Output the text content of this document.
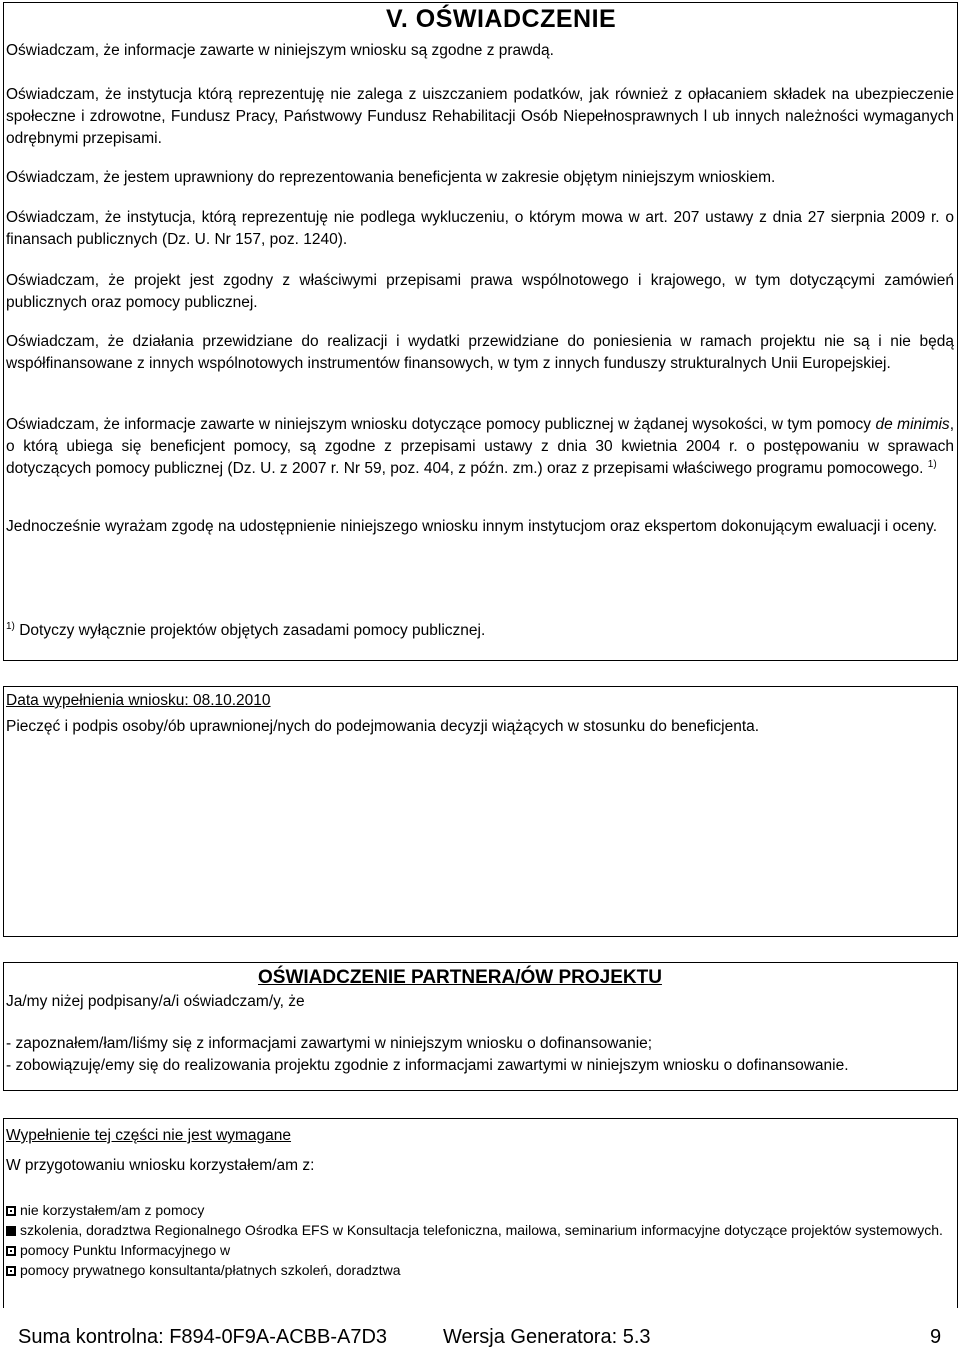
V. OŚWIADCZENIE

Oświadczam, że informacje zawarte w niniejszym wniosku są zgodne z prawdą.

Oświadczam, że instytucja którą reprezentuję nie zalega z uiszczaniem podatków, jak również z opłacaniem składek na ubezpieczenie społeczne i zdrowotne, Fundusz Pracy, Państwowy Fundusz Rehabilitacji Osób Niepełnosprawnych l ub innych należności wymaganych odrębnymi przepisami.

Oświadczam, że jestem uprawniony do reprezentowania beneficjenta w zakresie objętym niniejszym wnioskiem.

Oświadczam, że instytucja, którą reprezentuję nie podlega wykluczeniu, o którym mowa w art. 207 ustawy z dnia 27 sierpnia 2009 r. o finansach publicznych (Dz. U. Nr 157, poz. 1240).

Oświadczam, że projekt jest zgodny z właściwymi przepisami prawa wspólnotowego i krajowego, w tym dotyczącymi zamówień publicznych oraz pomocy publicznej.

Oświadczam, że działania przewidziane do realizacji i wydatki przewidziane do poniesienia w ramach projektu nie są i nie będą współfinansowane z innych wspólnotowych instrumentów finansowych, w tym z innych funduszy strukturalnych Unii Europejskiej.

Oświadczam, że informacje zawarte w niniejszym wniosku dotyczące pomocy publicznej w żądanej wysokości, w tym pomocy de minimis, o którą ubiega się beneficjent pomocy, są zgodne z przepisami ustawy z dnia 30 kwietnia 2004 r. o postępowaniu w sprawach dotyczących pomocy publicznej (Dz. U. z 2007 r. Nr 59, poz. 404, z późn. zm.) oraz z przepisami właściwego programu pomocowego. $^{1)}$

Jednocześnie wyrażam zgodę na udostępnienie niniejszego wniosku innym instytucjom oraz ekspertom dokonującym ewaluacji i oceny.

$^{1)}$ Dotyczy wyłącznie projektów objętych zasadami pomocy publicznej.

Data wypełnienia wniosku: 08.10.2010
Pieczęć i podpis osoby/ób uprawnionej/nych do podejmowania decyzji wiążących w stosunku do beneficjenta.
OŚWIADCZENIE PARTNERA/ÓW PROJEKTU
Ja/my niżej podpisany/a/i oświadczam/y, że
- zapoznałem/łam/liśmy się z informacjami zawartymi w niniejszym wniosku o dofinansowanie;
- zobowiązuję/emy się do realizowania projektu zgodnie z informacjami zawartymi w niniejszym wniosku o dofinansowanie.
Wypełnienie tej części nie jest wymagane
W przygotowaniu wniosku korzystałem/am z:
nie korzystałem/am z pomocy
szkolenia, doradztwa Regionalnego Ośrodka EFS w Konsultacja telefoniczna, mailowa, seminarium informacyjne dotyczące projektów systemowych.
pomocy Punktu Informacyjnego w
pomocy prywatnego konsultanta/płatnych szkoleń, doradztwa
Suma kontrolna: F894-0F9A-ACBB-A7D3	Wersja Generatora: 5.3	9
